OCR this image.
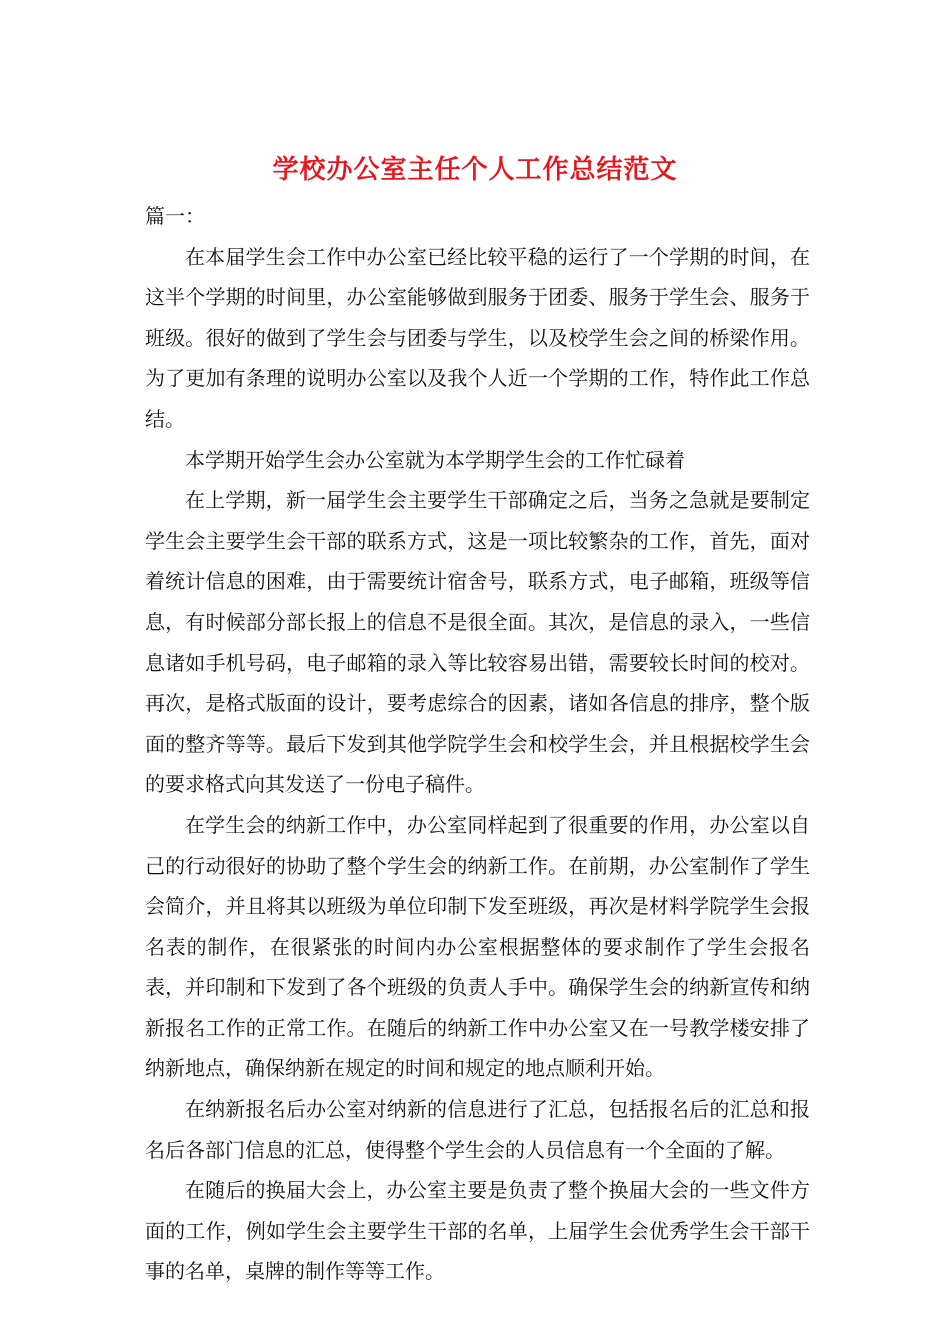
学校办公室主任个人工作总结范文

篇一：

在本届学生会工作中办公室已经比较平稳的运行了一个学期的时间，在这半个学期的时间里，办公室能够做到服务于团委、服务于学生会、服务于班级。很好的做到了学生会与团委与学生，以及校学生会之间的桥梁作用。为了更加有条理的说明办公室以及我个人近一个学期的工作，特作此工作总结。

本学期开始学生会办公室就为本学期学生会的工作忙碌着

在上学期，新一届学生会主要学生干部确定之后，当务之急就是要制定学生会主要学生会干部的联系方式，这是一项比较繁杂的工作，首先，面对着统计信息的困难，由于需要统计宿舍号，联系方式，电子邮箱，班级等信息，有时候部分部长报上的信息不是很全面。其次，是信息的录入，一些信息诸如手机号码，电子邮箱的录入等比较容易出错，需要较长时间的校对。再次，是格式版面的设计，要考虑综合的因素，诸如各信息的排序，整个版面的整齐等等。最后下发到其他学院学生会和校学生会，并且根据校学生会的要求格式向其发送了一份电子稿件。

在学生会的纳新工作中，办公室同样起到了很重要的作用，办公室以自己的行动很好的协助了整个学生会的纳新工作。在前期，办公室制作了学生会简介，并且将其以班级为单位印制下发至班级，再次是材料学院学生会报名表的制作，在很紧张的时间内办公室根据整体的要求制作了学生会报名表，并印制和下发到了各个班级的负责人手中。确保学生会的纳新宣传和纳新报名工作的正常工作。在随后的纳新工作中办公室又在一号教学楼安排了纳新地点，确保纳新在规定的时间和规定的地点顺利开始。

在纳新报名后办公室对纳新的信息进行了汇总，包括报名后的汇总和报名后各部门信息的汇总，使得整个学生会的人员信息有一个全面的了解。

在随后的换届大会上，办公室主要是负责了整个换届大会的一些文件方面的工作，例如学生会主要学生干部的名单，上届学生会优秀学生会干部干事的名单，桌牌的制作等等工作。
